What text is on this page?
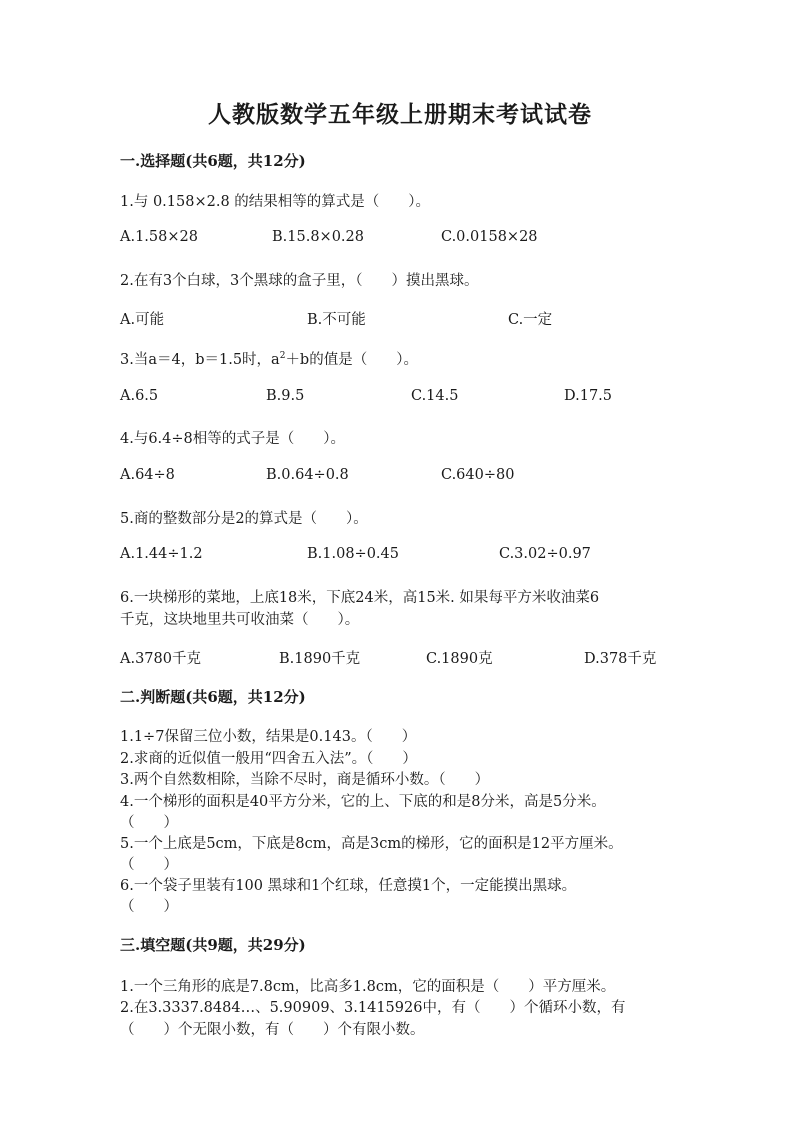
人教版数学五年级上册期末考试试卷
一.选择题(共6题，共12分)
1.与 0.158×2.8 的结果相等的算式是（　　）。
A.1.58×28	B.15.8×0.28	C.0.0158×28
2.在有3个白球，3个黑球的盒子里，（　　）摸出黑球。
A.可能	B.不可能	C.一定
3.当a＝4，b＝1.5时，$a^2+b$的值是（　　）。
A.6.5	B.9.5	C.14.5	D.17.5
4.与6.4÷8相等的式子是（　　）。
A.64÷8	B.0.64÷0.8	C.640÷80
5.商的整数部分是2的算式是（　　）。
A.1.44÷1.2	B.1.08÷0.45	C.3.02÷0.97
6.一块梯形的菜地，上底18米，下底24米，高15米. 如果每平方米收油菜6
千克，这块地里共可收油菜（　　）。
A.3780千克	B.1890千克	C.1890克	D.378千克
二.判断题(共6题，共12分)
1.1÷7保留三位小数，结果是0.143。（　　）
2.求商的近似值一般用“四舍五入法”。（　　）
3.两个自然数相除，当除不尽时，商是循环小数。（　　）
4.一个梯形的面积是40平方分米，它的上、下底的和是8分米，高是5分米。
（　　）
5.一个上底是5cm，下底是8cm，高是3cm的梯形，它的面积是12平方厘米。
（　　）
6.一个袋子里装有100 黑球和1个红球，任意摸1个，一定能摸出黑球。
（　　）
三.填空题(共9题，共29分)
1.一个三角形的底是7.8cm，比高多1.8cm，它的面积是（　　）平方厘米。
2.在3.3337.8484…、5.90909、3.1415926中，有（　　）个循环小数，有
（　　）个无限小数，有（　　）个有限小数。
